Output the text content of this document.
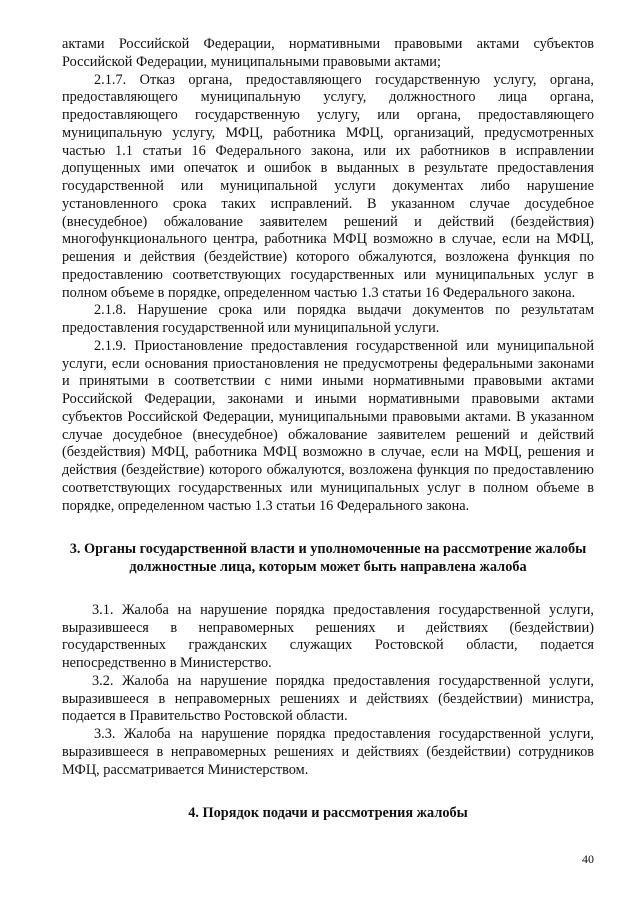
актами Российской Федерации, нормативными правовыми актами субъектов Российской Федерации, муниципальными правовыми актами;

2.1.7. Отказ органа, предоставляющего государственную услугу, органа, предоставляющего муниципальную услугу, должностного лица органа, предоставляющего государственную услугу, или органа, предоставляющего муниципальную услугу, МФЦ, работника МФЦ, организаций, предусмотренных частью 1.1 статьи 16 Федерального закона, или их работников в исправлении допущенных ими опечаток и ошибок в выданных в результате предоставления государственной или муниципальной услуги документах либо нарушение установленного срока таких исправлений. В указанном случае досудебное (внесудебное) обжалование заявителем решений и действий (бездействия) многофункционального центра, работника МФЦ возможно в случае, если на МФЦ, решения и действия (бездействие) которого обжалуются, возложена функция по предоставлению соответствующих государственных или муниципальных услуг в полном объеме в порядке, определенном частью 1.3 статьи 16 Федерального закона.

2.1.8. Нарушение срока или порядка выдачи документов по результатам предоставления государственной или муниципальной услуги.

2.1.9. Приостановление предоставления государственной или муниципальной услуги, если основания приостановления не предусмотрены федеральными законами и принятыми в соответствии с ними иными нормативными правовыми актами Российской Федерации, законами и иными нормативными правовыми актами субъектов Российской Федерации, муниципальными правовыми актами. В указанном случае досудебное (внесудебное) обжалование заявителем решений и действий (бездействия) МФЦ, работника МФЦ возможно в случае, если на МФЦ, решения и действия (бездействие) которого обжалуются, возложена функция по предоставлению соответствующих государственных или муниципальных услуг в полном объеме в порядке, определенном частью 1.3 статьи 16 Федерального закона.

3. Органы государственной власти и уполномоченные на рассмотрение жалобы должностные лица, которым может быть направлена жалоба

3.1. Жалоба на нарушение порядка предоставления государственной услуги, выразившееся в неправомерных решениях и действиях (бездействии) государственных гражданских служащих Ростовской области, подается непосредственно в Министерство.

3.2. Жалоба на нарушение порядка предоставления государственной услуги, выразившееся в неправомерных решениях и действиях (бездействии) министра, подается в Правительство Ростовской области.

3.3. Жалоба на нарушение порядка предоставления государственной услуги, выразившееся в неправомерных решениях и действиях (бездействии) сотрудников МФЦ, рассматривается Министерством.

4. Порядок подачи и рассмотрения жалобы
40
